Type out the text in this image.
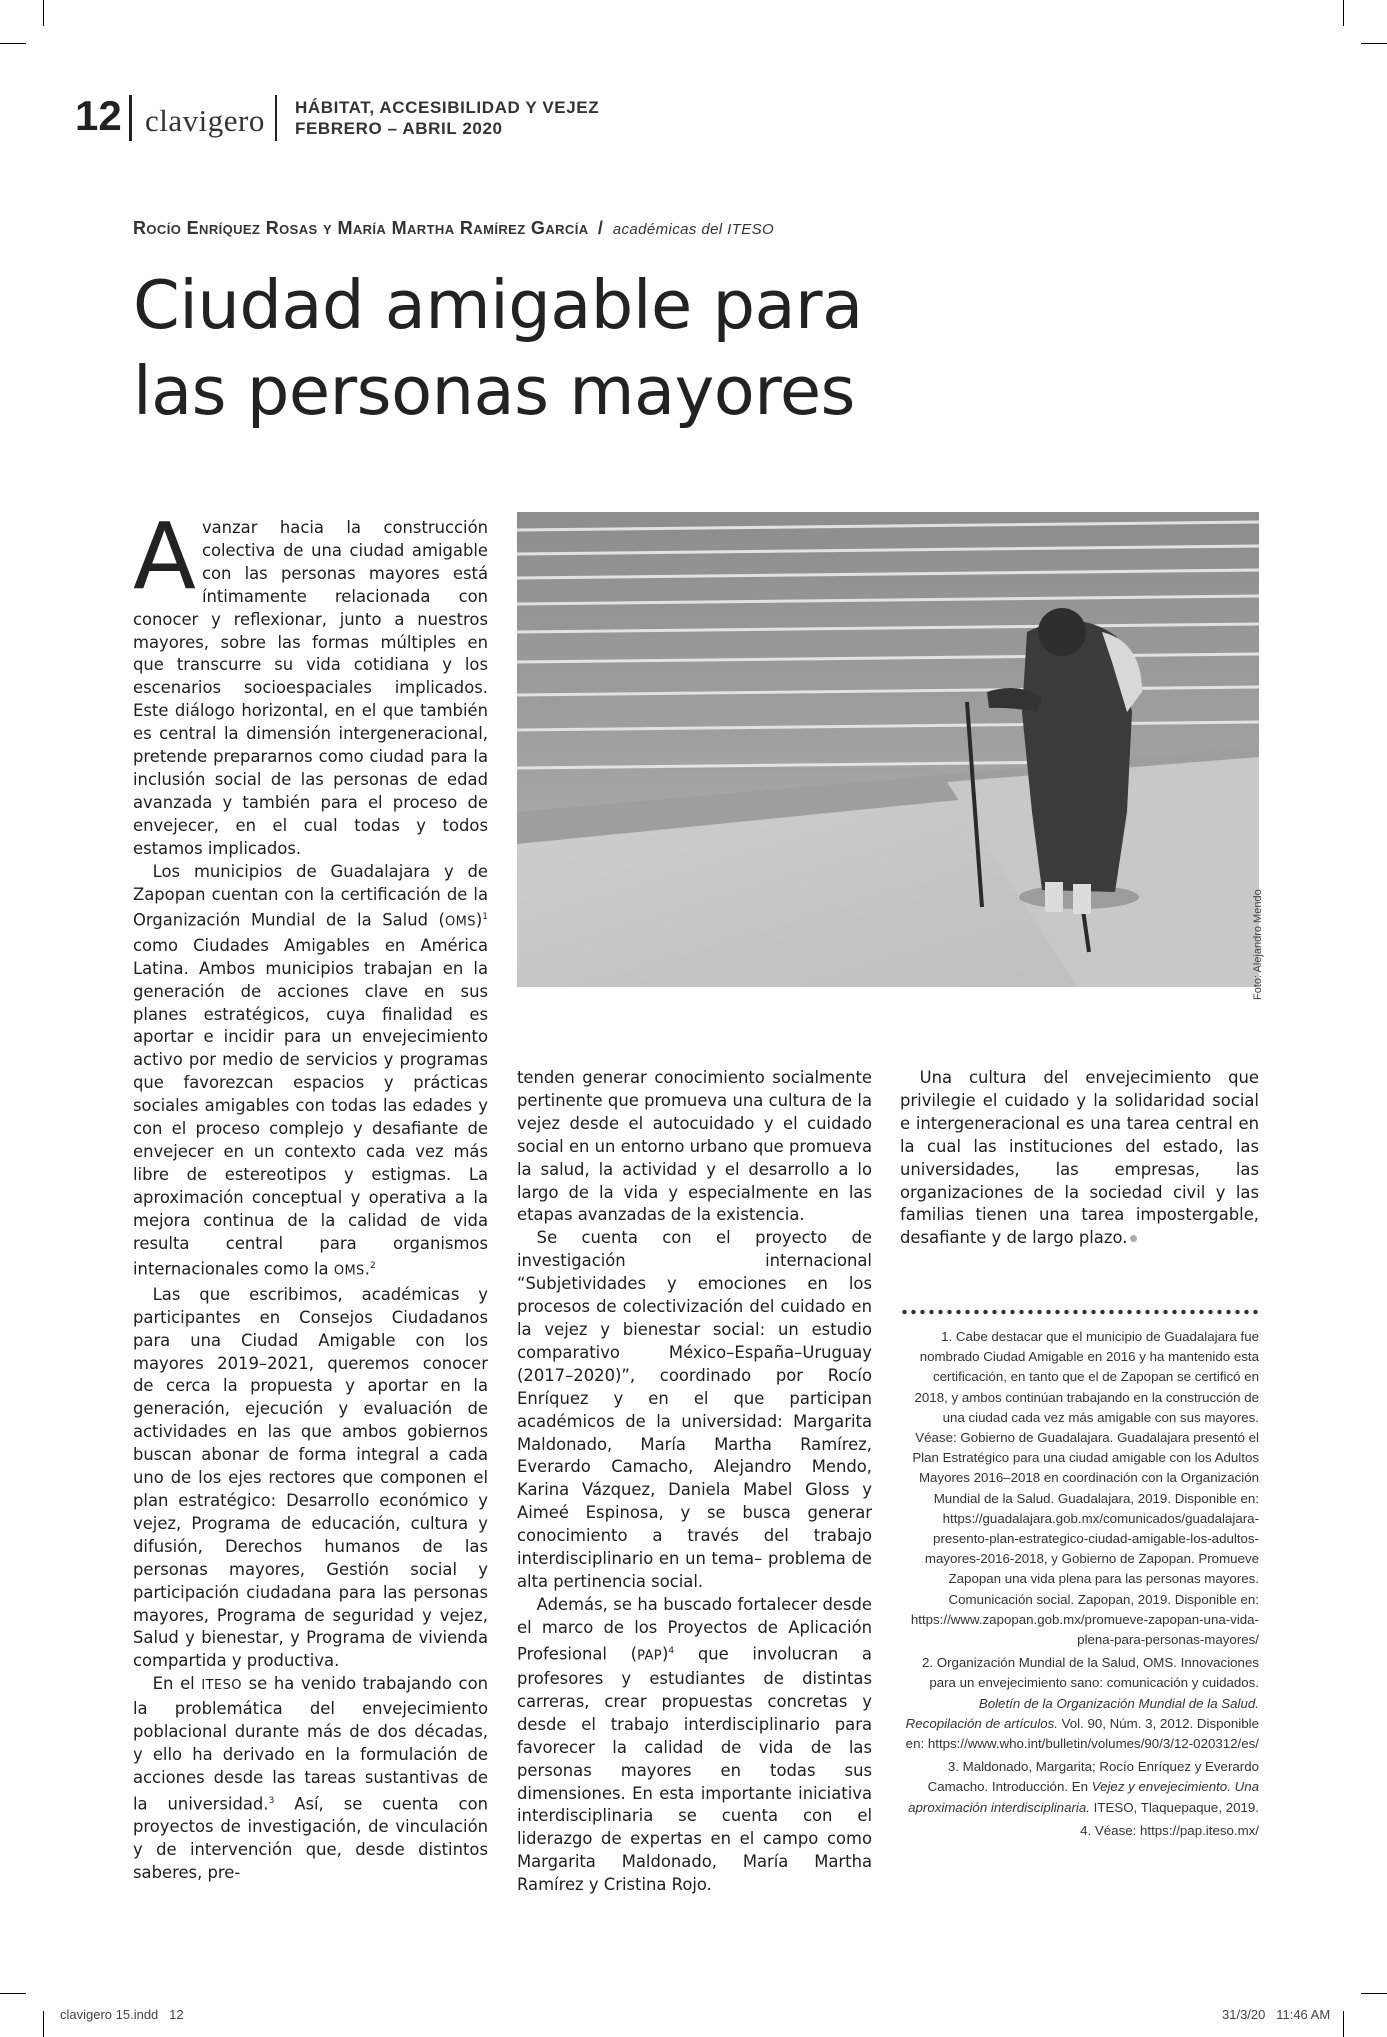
12 clavigero HÁBITAT, ACCESIBILIDAD Y VEJEZ
FEBRERO – ABRIL 2020
Rocío Enríquez Rosas y María Martha Ramírez García / académicas del ITESO
Ciudad amigable para
las personas mayores
Foto: Alejandro Mendo

Avanzar hacia la construcción colectiva de una ciudad amigable con las personas mayores está íntimamente relacionada con conocer y reflexionar, junto a nuestros mayores, sobre las formas múltiples en que transcurre su vida cotidiana y los escenarios socioespaciales implicados. Este diálogo horizontal, en el que también es central la dimensión intergeneracional, pretende prepararnos como ciudad para la inclusión social de las personas de edad avanzada y también para el proceso de envejecer, en el cual todas y todos estamos implicados.

Los municipios de Guadalajara y de Zapopan cuentan con la certificación de la Organización Mundial de la Salud (OMS)$^1$ como Ciudades Amigables en América Latina. Ambos municipios trabajan en la generación de acciones clave en sus planes estratégicos, cuya finalidad es aportar e incidir para un envejecimiento activo por medio de servicios y programas que favorezcan espacios y prácticas sociales amigables con todas las edades y con el proceso complejo y desafiante de envejecer en un contexto cada vez más libre de estereotipos y estigmas. La aproximación conceptual y operativa a la mejora continua de la calidad de vida resulta central para organismos internacionales como la OMS.$^2$

Las que escribimos, académicas y participantes en Consejos Ciudadanos para una Ciudad Amigable con los mayores 2019–2021, queremos conocer de cerca la propuesta y aportar en la generación, ejecución y evaluación de actividades en las que ambos gobiernos buscan abonar de forma integral a cada uno de los ejes rectores que componen el plan estratégico: Desarrollo económico y vejez, Programa de educación, cultura y difusión, Derechos humanos de las personas mayores, Gestión social y participación ciudadana para las personas mayores, Programa de seguridad y vejez, Salud y bienestar, y Programa de vivienda compartida y productiva.

En el ITESO se ha venido trabajando con la problemática del envejecimiento poblacional durante más de dos décadas, y ello ha derivado en la formulación de acciones desde las tareas sustantivas de la universidad.$^3$ Así, se cuenta con proyectos de investigación, de vinculación y de intervención que, desde distintos saberes, pre-

tenden generar conocimiento socialmente pertinente que promueva una cultura de la vejez desde el autocuidado y el cuidado social en un entorno urbano que promueva la salud, la actividad y el desarrollo a lo largo de la vida y especialmente en las etapas avanzadas de la existencia.

Se cuenta con el proyecto de investigación internacional “Subjetividades y emociones en los procesos de colectivización del cuidado en la vejez y bienestar social: un estudio comparativo México–España–Uruguay (2017–2020)”, coordinado por Rocío Enríquez y en el que participan académicos de la universidad: Margarita Maldonado, María Martha Ramírez, Everardo Camacho, Alejandro Mendo, Karina Vázquez, Daniela Mabel Gloss y Aimeé Espinosa, y se busca generar conocimiento a través del trabajo interdisciplinario en un tema– problema de alta pertinencia social.

Además, se ha buscado fortalecer desde el marco de los Proyectos de Aplicación Profesional (PAP)$^4$ que involucran a profesores y estudiantes de distintas carreras, crear propuestas concretas y desde el trabajo interdisciplinario para favorecer la calidad de vida de las personas mayores en todas sus dimensiones. En esta importante iniciativa interdisciplinaria se cuenta con el liderazgo de expertas en el campo como Margarita Maldonado, María Martha Ramírez y Cristina Rojo.

Una cultura del envejecimiento que privilegie el cuidado y la solidaridad social e intergeneracional es una tarea central en la cual las instituciones del estado, las universidades, las empresas, las organizaciones de la sociedad civil y las familias tienen una tarea impostergable, desafiante y de largo plazo.

1. Cabe destacar que el municipio de Guadalajara fue nombrado Ciudad Amigable en 2016 y ha mantenido esta certificación, en tanto que el de Zapopan se certificó en 2018, y ambos continúan trabajando en la construcción de una ciudad cada vez más amigable con sus mayores. Véase: Gobierno de Guadalajara. Guadalajara presentó el Plan Estratégico para una ciudad amigable con los Adultos Mayores 2016–2018 en coordinación con la Organización Mundial de la Salud. Guadalajara, 2019. Disponible en: https://guadalajara.gob.mx/comunicados/guadalajara-presento-plan-estrategico-ciudad-amigable-los-adultos-mayores-2016-2018, y Gobierno de Zapopan. Promueve Zapopan una vida plena para las personas mayores. Comunicación social. Zapopan, 2019. Disponible en: https://www.zapopan.gob.mx/promueve-zapopan-una-vida-plena-para-personas-mayores/

2. Organización Mundial de la Salud, OMS. Innovaciones para un envejecimiento sano: comunicación y cuidados. Boletín de la Organización Mundial de la Salud. Recopilación de artículos. Vol. 90, Núm. 3, 2012. Disponible en: https://www.who.int/bulletin/volumes/90/3/12-020312/es/

3. Maldonado, Margarita; Rocío Enríquez y Everardo Camacho. Introducción. En Vejez y envejecimiento. Una aproximación interdisciplinaria. ITESO, Tlaquepaque, 2019.

4. Véase: https://pap.iteso.mx/

clavigero 15.indd   12	31/3/20   11:46 AM
